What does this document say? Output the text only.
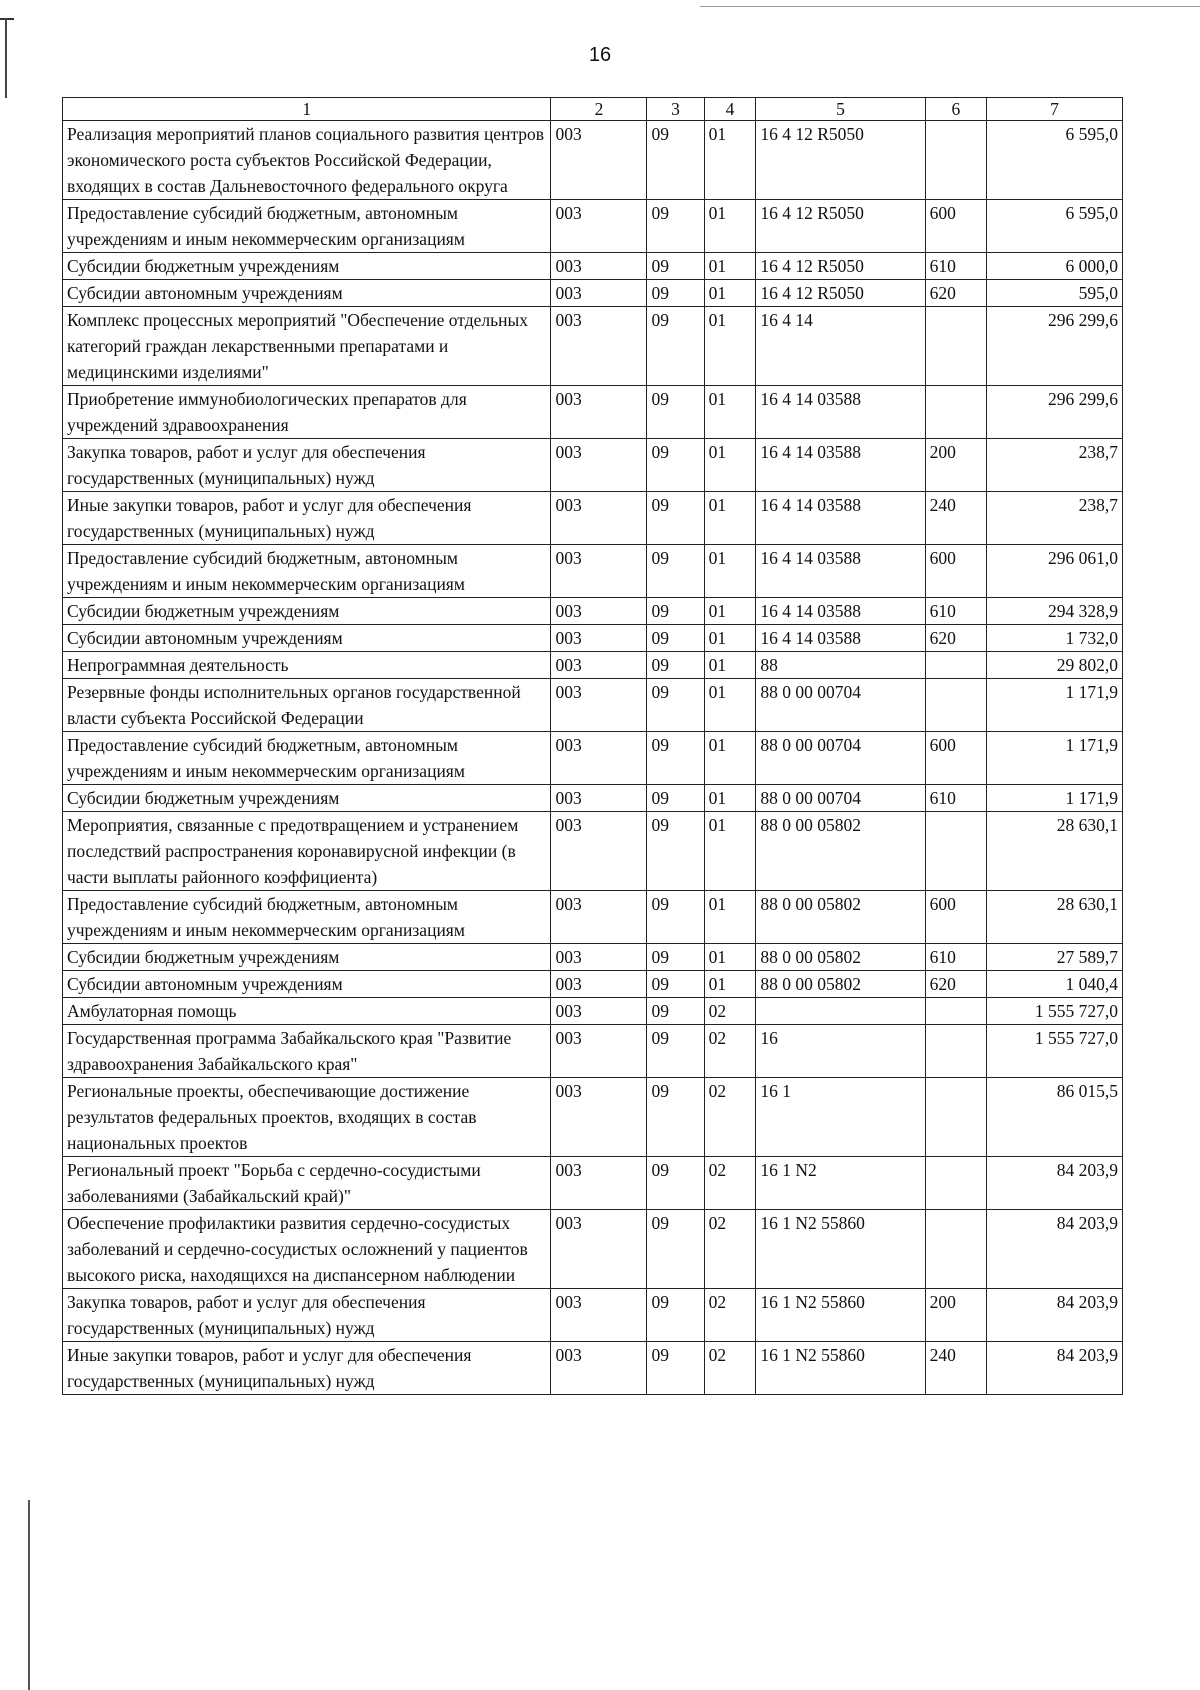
16
1	2	3	4	5	6	7
Реализация мероприятий планов социального развития центров экономического роста субъектов Российской Федерации, входящих в состав Дальневосточного федерального округа	003	09	01	16 4 12 R5050		6 595,0
Предоставление субсидий бюджетным, автономным учреждениям и иным некоммерческим организациям	003	09	01	16 4 12 R5050	600	6 595,0
Субсидии бюджетным учреждениям	003	09	01	16 4 12 R5050	610	6 000,0
Субсидии автономным учреждениям	003	09	01	16 4 12 R5050	620	595,0
Комплекс процессных мероприятий "Обеспечение отдельных категорий граждан лекарственными препаратами и медицинскими изделиями"	003	09	01	16 4 14		296 299,6
Приобретение иммунобиологических препаратов для учреждений здравоохранения	003	09	01	16 4 14 03588		296 299,6
Закупка товаров, работ и услуг для обеспечения государственных (муниципальных) нужд	003	09	01	16 4 14 03588	200	238,7
Иные закупки товаров, работ и услуг для обеспечения государственных (муниципальных) нужд	003	09	01	16 4 14 03588	240	238,7
Предоставление субсидий бюджетным, автономным учреждениям и иным некоммерческим организациям	003	09	01	16 4 14 03588	600	296 061,0
Субсидии бюджетным учреждениям	003	09	01	16 4 14 03588	610	294 328,9
Субсидии автономным учреждениям	003	09	01	16 4 14 03588	620	1 732,0
Непрограммная деятельность	003	09	01	88		29 802,0
Резервные фонды исполнительных органов государственной власти субъекта Российской Федерации	003	09	01	88 0 00 00704		1 171,9
Предоставление субсидий бюджетным, автономным учреждениям и иным некоммерческим организациям	003	09	01	88 0 00 00704	600	1 171,9
Субсидии бюджетным учреждениям	003	09	01	88 0 00 00704	610	1 171,9
Мероприятия, связанные с предотвращением и устранением последствий распространения коронавирусной инфекции (в части выплаты районного коэффициента)	003	09	01	88 0 00 05802		28 630,1
Предоставление субсидий бюджетным, автономным учреждениям и иным некоммерческим организациям	003	09	01	88 0 00 05802	600	28 630,1
Субсидии бюджетным учреждениям	003	09	01	88 0 00 05802	610	27 589,7
Субсидии автономным учреждениям	003	09	01	88 0 00 05802	620	1 040,4
Амбулаторная помощь	003	09	02			1 555 727,0
Государственная программа Забайкальского края "Развитие здравоохранения Забайкальского края"	003	09	02	16		1 555 727,0
Региональные проекты, обеспечивающие достижение результатов федеральных проектов, входящих в состав национальных проектов	003	09	02	16 1		86 015,5
Региональный проект "Борьба с сердечно-сосудистыми заболеваниями (Забайкальский край)"	003	09	02	16 1 N2		84 203,9
Обеспечение профилактики развития сердечно-сосудистых заболеваний и сердечно-сосудистых осложнений у пациентов высокого риска, находящихся на диспансерном наблюдении	003	09	02	16 1 N2 55860		84 203,9
Закупка товаров, работ и услуг для обеспечения государственных (муниципальных) нужд	003	09	02	16 1 N2 55860	200	84 203,9
Иные закупки товаров, работ и услуг для обеспечения государственных (муниципальных) нужд	003	09	02	16 1 N2 55860	240	84 203,9
